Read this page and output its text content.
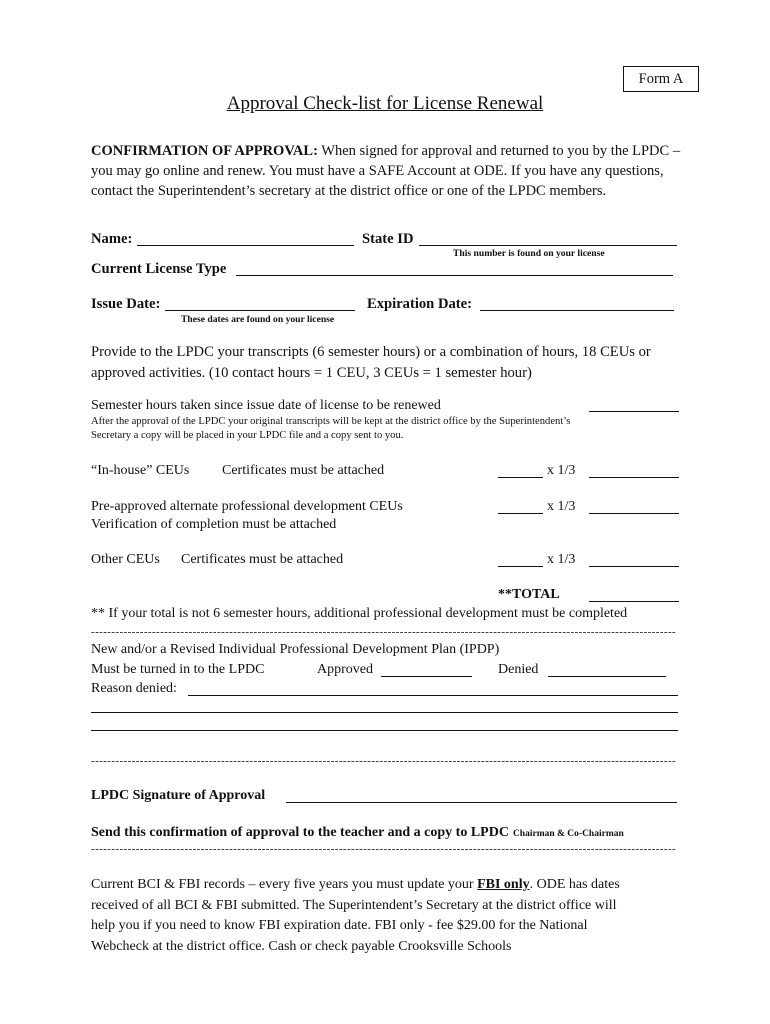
Form A
Approval Check-list for License Renewal
CONFIRMATION OF APPROVAL: When signed for approval and returned to you by the LPDC – you may go online and renew. You must have a SAFE Account at ODE. If you have any questions, contact the Superintendent’s secretary at the district office or one of the LPDC members.
Name:	State ID
This number is found on your license
Current License Type
Issue Date:
These dates are found on your license
Expiration Date:
Provide to the LPDC your transcripts (6 semester hours) or a combination of hours, 18 CEUs or
approved activities. (10 contact hours = 1 CEU, 3 CEUs = 1 semester hour)
Semester hours taken since issue date of license to be renewed
After the approval of the LPDC your original transcripts will be kept at the district office by the Superintendent’s
Secretary a copy will be placed in your LPDC file and a copy sent to you.
“In-house” CEUs Certificates must be attached	x 1/3
Pre-approved alternate professional development CEUs
Verification of completion must be attached
x 1/3
Other CEUs Certificates must be attached	x 1/3
**TOTAL
** If your total is not 6 semester hours, additional professional development must be completed
------------------------------------------------------------------------------------------------------------------------------------------------
New and/or a Revised Individual Professional Development Plan (IPDP)
Must be turned in to the LPDC	Approved	Denied
Reason denied:
------------------------------------------------------------------------------------------------------------------------------------------------
LPDC Signature of Approval
Send this confirmation of approval to the teacher and a copy to LPDC Chairman & Co-Chairman
------------------------------------------------------------------------------------------------------------------------------------------------
Current BCI & FBI records – every five years you must update your FBI only. ODE has dates
received of all BCI & FBI submitted. The Superintendent’s Secretary at the district office will
help you if you need to know FBI expiration date. FBI only - fee $29.00 for the National
Webcheck at the district office. Cash or check payable Crooksville Schools
